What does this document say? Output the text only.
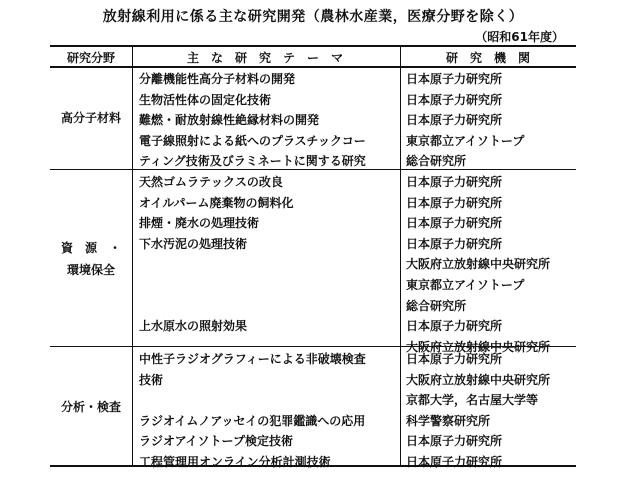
放射線利用に係る主な研究開発（農林水産業，医療分野を除く）
（昭和61年度）
研究分野	主　な　研　究　テ　ー　マ	研　究　機　関
高分子材料
分離機能性高分子材料の開発	日本原子力研究所
生物活性体の固定化技術	日本原子力研究所
難燃・耐放射線性絶縁材料の開発	日本原子力研究所
電子線照射による紙へのプラスチックコー	東京都立アイソトープ
ティング技術及びラミネートに関する研究	総合研究所
資　源　・
環境保全
天然ゴムラテックスの改良	日本原子力研究所
オイルパーム廃棄物の飼料化	日本原子力研究所
排煙・廃水の処理技術	日本原子力研究所
下水汚泥の処理技術	日本原子力研究所
大阪府立放射線中央研究所
東京都立アイソトープ
総合研究所
上水原水の照射効果	日本原子力研究所
分析・検査
中性子ラジオグラフィーによる非破壊検査	日本原子力研究所
技術	大阪府立放射線中央研究所
京都大学，名古屋大学等
ラジオイムノアッセイの犯罪鑑識への応用	科学警察研究所
ラジオアイソトープ検定技術	日本原子力研究所
工程管理用オンライン分析計測技術	日本原子力研究所
